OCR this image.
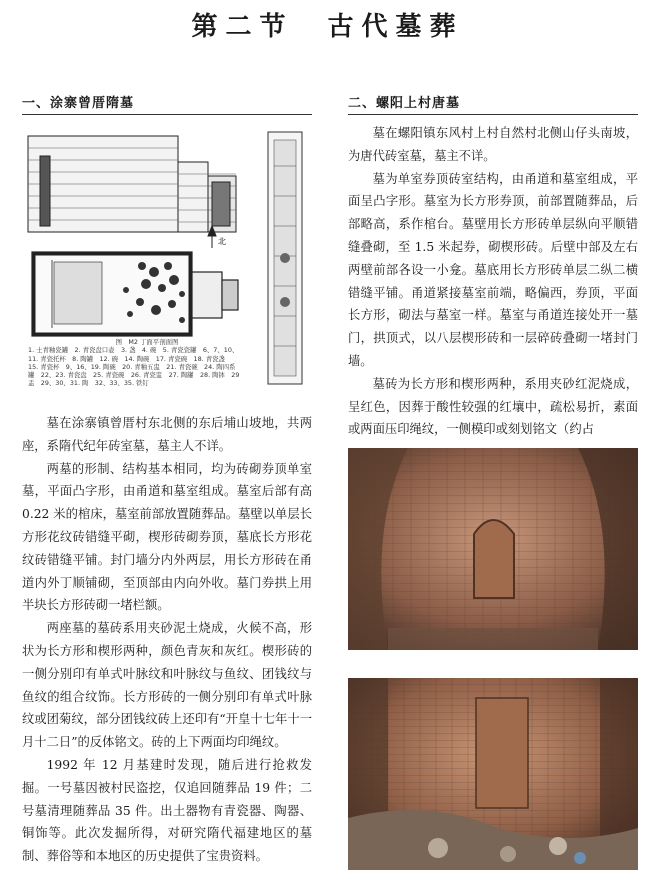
第二节　古代墓葬
一、涂寨曾厝隋墓
北
图　M2 丁面平剖面图
1. 士青釉瓷罐　2. 青瓷盘口壶　3. 盏　4. 碗　5. 青瓷瓷罐　6、7、10、
11. 青瓷托杯　8. 陶罐　12. 碗　14. 陶碗　17. 青瓷碗　18. 青瓷盏
15. 青瓷杯　9、16、19. 陶碗　20. 青釉五盅　21. 青瓷碗　24. 陶四系
罐　22、23. 青瓷盘　25. 青瓷碗　26. 青瓷盅　27. 陶罐　28. 陶钵　29
盂　29、30、31. 陶　32、33、35. 铁钉

墓在涂寨镇曾厝村东北侧的东后埔山坡地，共两座，系隋代纪年砖室墓，墓主人不详。

两墓的形制、结构基本相同，均为砖砌券顶单室墓，平面凸字形，由甬道和墓室组成。墓室后部有高 0.22 米的棺床，墓室前部放置随葬品。墓壁以单层长方形花纹砖错缝平砌，楔形砖砌券顶，墓底长方形花纹砖错缝平铺。封门墙分内外两层，用长方形砖在甬道内外丁顺铺砌，至顶部由内向外收。墓门券拱上用半块长方形砖砌一堵栏额。

两座墓的墓砖系用夹砂泥土烧成，火候不高，形状为长方形和楔形两种，颜色青灰和灰红。楔形砖的一侧分别印有单式叶脉纹和叶脉纹与鱼纹、团钱纹与鱼纹的组合纹饰。长方形砖的一侧分别印有单式叶脉纹或团菊纹，部分团钱纹砖上还印有“开皇十七年十一月十二日”的反体铭文。砖的上下两面均印绳纹。

1992 年 12 月基建时发现，随后进行抢救发掘。一号墓因被村民盗挖，仅追回随葬品 19 件；二号墓清理随葬品 35 件。出土器物有青瓷器、陶器、铜饰等。此次发掘所得，对研究隋代福建地区的墓制、葬俗等和本地区的历史提供了宝贵资料。

二、螺阳上村唐墓

墓在螺阳镇东风村上村自然村北侧山仔头南坡，为唐代砖室墓，墓主不详。

墓为单室券顶砖室结构，由甬道和墓室组成，平面呈凸字形。墓室为长方形券顶，前部置随葬品，后部略高，系作棺台。墓壁用长方形砖单层纵向平顺错缝叠砌，至 1.5 米起券，砌楔形砖。后壁中部及左右两壁前部各设一小龛。墓底用长方形砖单层二纵二横错缝平铺。甬道紧接墓室前端，略偏西，券顶，平面长方形，砌法与墓室一样。墓室与甬道连接处开一墓门，拱顶式，以八层楔形砖和一层碎砖叠砌一堵封门墙。

墓砖为长方形和楔形两种，系用夹砂红泥烧成，呈红色，因葬于酸性较强的红壤中，疏松易折，素面或两面压印绳纹，一侧模印或刻划铭文（约占
